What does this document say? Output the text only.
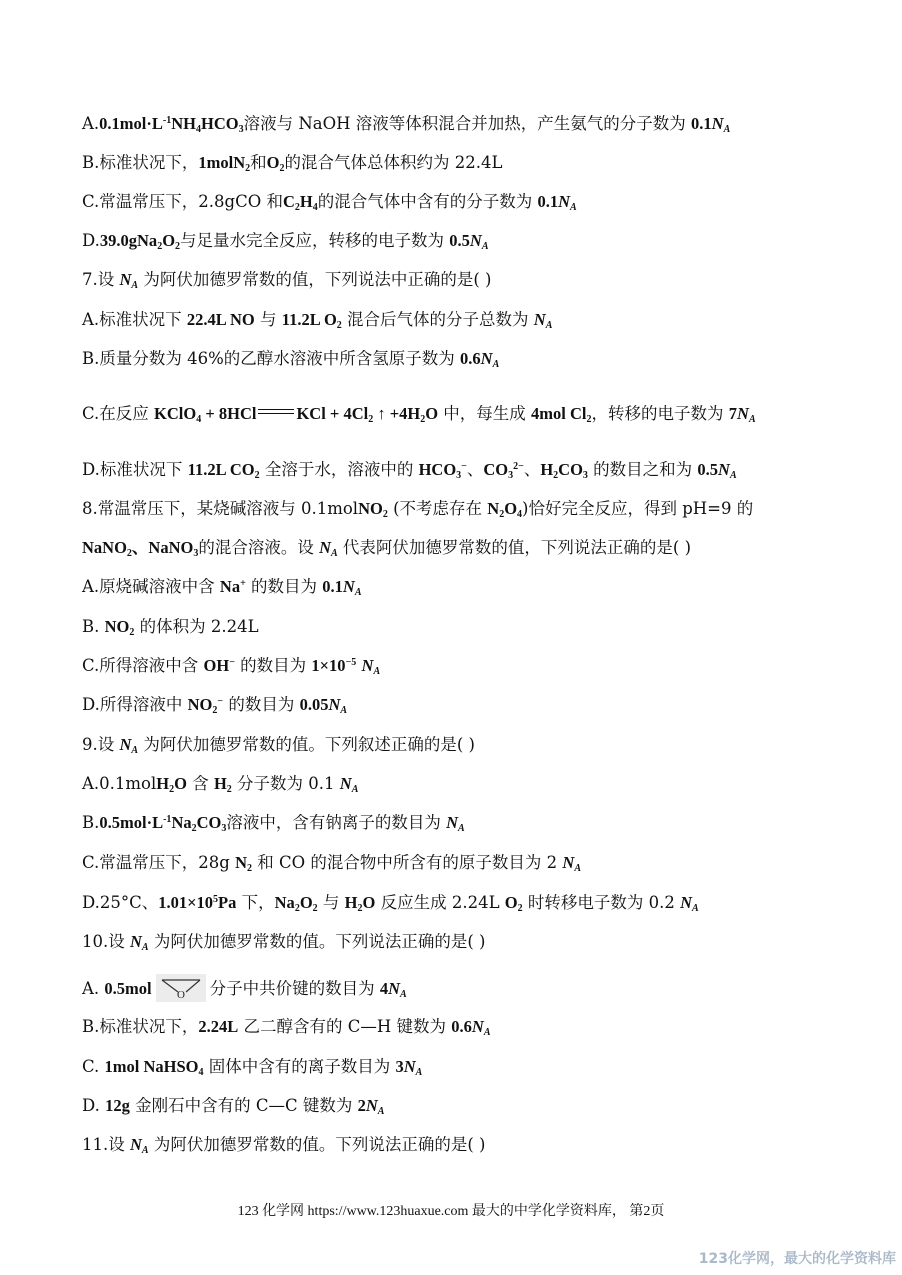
$A.0.1mol\cdot L^{-1}NH_4HCO_3$溶液与 NaOH 溶液等体积混合并加热，产生氨气的分子数为 $0.1N_A$
B.标准状况下，1molN$_2$和$O_2$的混合气体总体积约为 22.4L
C.常温常压下，2.8gCO 和$C_2H_4$的混合气体中含有的分子数为 $0.1N_A$
$D.39.0gNa_2O_2$与足量水完全反应，转移的电子数为 $0.5N_A$
7.设 $N_A$ 为阿伏加德罗常数的值，下列说法中正确的是( )
A.标准状况下 22.4L NO 与 11.2L $O_2$ 混合后气体的分子总数为 $N_A$
B.质量分数为 46%的乙醇水溶液中所含氢原子数为 $0.6N_A$
C.在反应 KClO$_4$ + 8HCl KCl + $4Cl_2$ ↑ $+4H_2O$ 中，每生成 4mol $Cl_2$，转移的电子数为 $7N_A$
D.标准状况下 11.2L $CO_2$ 全溶于水，溶液中的 $HCO_3^-$、$CO_3^{2-}$、$H_2CO_3$ 的数目之和为 $0.5N_A$
8.常温常压下，某烧碱溶液与 0.1molNO$_2$ (不考虑存在 $N_2O_4$)恰好完全反应，得到 pH=9 的
NaNO$_2$、NaNO$_3$的混合溶液。设 $N_A$ 代表阿伏加德罗常数的值，下列说法正确的是( )
A.原烧碱溶液中含 Na+ 的数目为 $0.1N_A$
B. $NO_2$ 的体积为 2.24L
C.所得溶液中含 OH− 的数目为 $1\times 10^{-5}$ $N_A$
D.所得溶液中 $NO_2^-$ 的数目为 $0.05N_A$
9.设 $N_A$ 为阿伏加德罗常数的值。下列叙述正确的是( )
A.0.1molH$_2$O 含 $H_2$ 分子数为 0.1 $N_A$
$B.0.5mol\cdot L^{-1}Na_2CO_3$溶液中，含有钠离子的数目为 $N_A$
C.常温常压下，28g $N_2$ 和 CO 的混合物中所含有的原子数目为 2 $N_A$
D.25°C、$1.01\times 10^5Pa$ 下，$Na_2O_2$ 与 $H_2O$ 反应生成 2.24L $O_2$ 时转移电子数为 0.2 $N_A$
10.设 $N_A$ 为阿伏加德罗常数的值。下列说法正确的是( )
A. 0.5mol O 分子中共价键的数目为 $4N_A$
B.标准状况下，2.24L 乙二醇含有的 C—H 键数为 $0.6N_A$
C. 1mol NaHSO$_4$ 固体中含有的离子数目为 $3N_A$
D. 12g 金刚石中含有的 C—C 键数为 $2N_A$
11.设 $N_A$ 为阿伏加德罗常数的值。下列说法正确的是( )
123 化学网 https://www.123huaxue.com 最大的中学化学资料库， 第2页
123化学网，最大的化学资料库
